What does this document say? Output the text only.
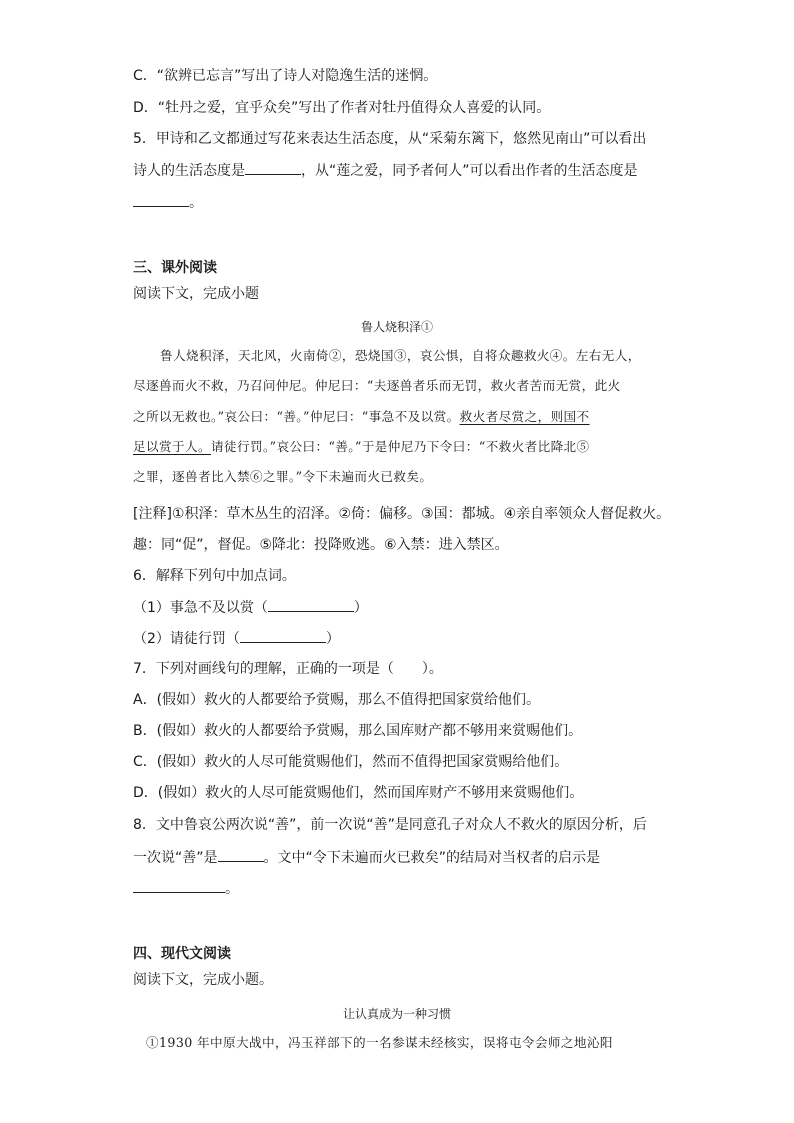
C．“欲辨已忘言”写出了诗人对隐逸生活的迷惘。
D．“牡丹之爱，宜乎众矣”写出了作者对牡丹值得众人喜爱的认同。
5．甲诗和乙文都通过写花来表达生活态度，从“采菊东篱下，悠然见南山”可以看出
诗人的生活态度是	，从“莲之爱，同予者何人”可以看出作者的生活态度是
。
三、课外阅读
阅读下文，完成小题
鲁人烧积泽①
鲁人烧积泽，天北风，火南倚②，恐烧国③，哀公惧，自将众趣救火④。左右无人，
尽逐兽而火不救，乃召问仲尼。仲尼曰：“夫逐兽者乐而无罚，救火者苦而无赏，此火
之所以无救也。”哀公曰：“善。”仲尼曰：“事急不及以赏。救火者尽赏之，则国不
足以赏于人。请徒行罚。”哀公曰：“善。”于是仲尼乃下令曰：“不救火者比降北⑤
之罪，逐兽者比入禁⑥之罪。”令下未遍而火已救矣。
[注释]①积泽：草木丛生的沼泽。②倚：偏移。③国：都城。④亲自率领众人督促救火。
趣：同“促”，督促。⑤降北：投降败逃。⑥入禁：进入禁区。
6．解释下列句中加点词。
（1）事急不及以赏（	）
（2）请徒行罚（	）
7．下列对画线句的理解，正确的一项是（　　）。
A．(假如）救火的人都要给予赏赐，那么不值得把国家赏给他们。
B．(假如）救火的人都要给予赏赐，那么国库财产都不够用来赏赐他们。
C．(假如）救火的人尽可能赏赐他们，然而不值得把国家赏赐给他们。
D．(假如）救火的人尽可能赏赐他们，然而国库财产不够用来赏赐他们。
8．文中鲁哀公两次说“善”，前一次说“善”是同意孔子对众人不救火的原因分析，后
一次说“善”是	。文中“令下未遍而火已救矣”的结局对当权者的启示是
。
四、现代文阅读
阅读下文，完成小题。
让认真成为一种习惯
①1930 年中原大战中，冯玉祥部下的一名参谋未经核实，误将屯令会师之地沁阳
